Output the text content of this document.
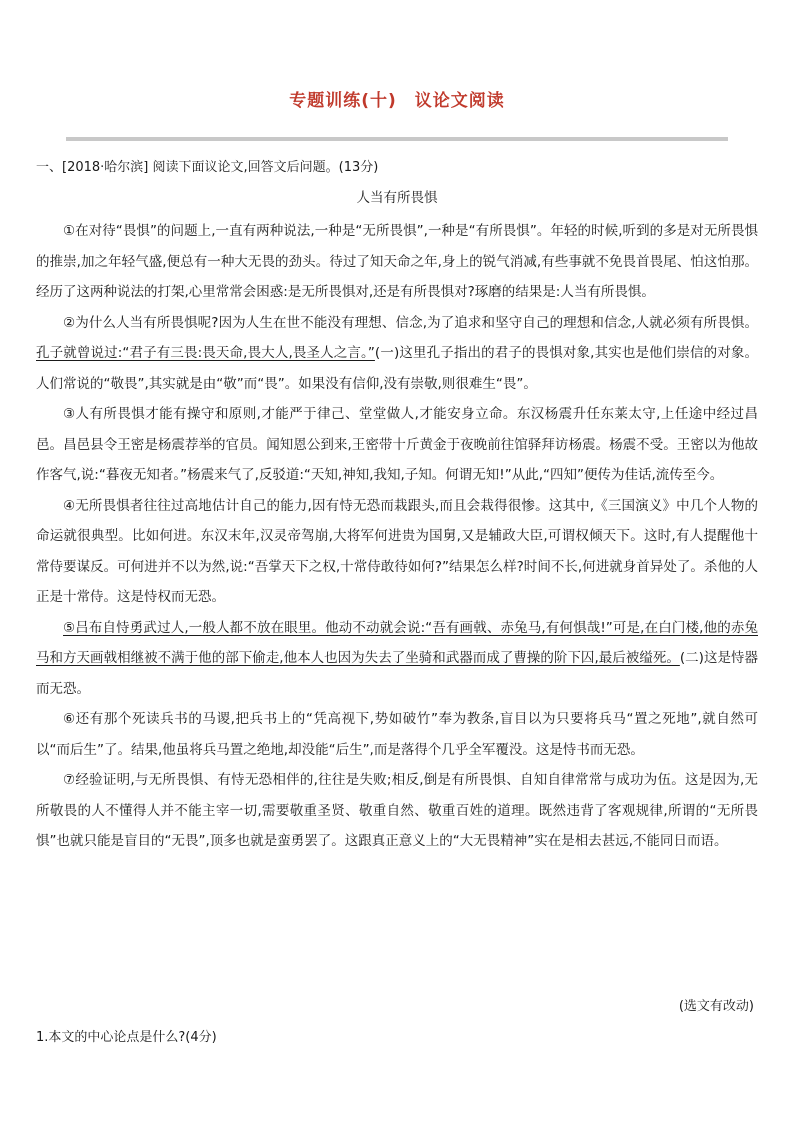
专题训练(十)　议论文阅读
一、[2018·哈尔滨] 阅读下面议论文,回答文后问题。(13分)
人当有所畏惧

①在对待“畏惧”的问题上,一直有两种说法,一种是“无所畏惧”,一种是“有所畏惧”。年轻的时候,听到的多是对无所畏惧的推崇,加之年轻气盛,便总有一种大无畏的劲头。待过了知天命之年,身上的锐气消减,有些事就不免畏首畏尾、怕这怕那。经历了这两种说法的打架,心里常常会困惑:是无所畏惧对,还是有所畏惧对?琢磨的结果是:人当有所畏惧。

②为什么人当有所畏惧呢?因为人生在世不能没有理想、信念,为了追求和坚守自己的理想和信念,人就必须有所畏惧。孔子就曾说过:“君子有三畏:畏天命,畏大人,畏圣人之言。”(一)这里孔子指出的君子的畏惧对象,其实也是他们崇信的对象。人们常说的“敬畏”,其实就是由“敬”而“畏”。如果没有信仰,没有崇敬,则很难生“畏”。

③人有所畏惧才能有操守和原则,才能严于律己、堂堂做人,才能安身立命。东汉杨震升任东莱太守,上任途中经过昌邑。昌邑县令王密是杨震荐举的官员。闻知恩公到来,王密带十斤黄金于夜晚前往馆驿拜访杨震。杨震不受。王密以为他故作客气,说:“暮夜无知者。”杨震来气了,反驳道:“天知,神知,我知,子知。何谓无知!”从此,“四知”便传为佳话,流传至今。

④无所畏惧者往往过高地估计自己的能力,因有恃无恐而栽跟头,而且会栽得很惨。这其中,《三国演义》中几个人物的命运就很典型。比如何进。东汉末年,汉灵帝驾崩,大将军何进贵为国舅,又是辅政大臣,可谓权倾天下。这时,有人提醒他十常侍要谋反。可何进并不以为然,说:“吾掌天下之权,十常侍敢待如何?”结果怎么样?时间不长,何进就身首异处了。杀他的人正是十常侍。这是恃权而无恐。

⑤吕布自恃勇武过人,一般人都不放在眼里。他动不动就会说:“吾有画戟、赤兔马,有何惧哉!”可是,在白门楼,他的赤兔马和方天画戟相继被不满于他的部下偷走,他本人也因为失去了坐骑和武器而成了曹操的阶下囚,最后被缢死。(二)这是恃器而无恐。

⑥还有那个死读兵书的马谡,把兵书上的“凭高视下,势如破竹”奉为教条,盲目以为只要将兵马“置之死地”,就自然可以“而后生”了。结果,他虽将兵马置之绝地,却没能“后生”,而是落得个几乎全军覆没。这是恃书而无恐。

⑦经验证明,与无所畏惧、有恃无恐相伴的,往往是失败;相反,倒是有所畏惧、自知自律常常与成功为伍。这是因为,无所敬畏的人不懂得人并不能主宰一切,需要敬重圣贤、敬重自然、敬重百姓的道理。既然违背了客观规律,所谓的“无所畏惧”也就只能是盲目的“无畏”,顶多也就是蛮勇罢了。这跟真正意义上的“大无畏精神”实在是相去甚远,不能同日而语。

(选文有改动)
1.本文的中心论点是什么?(4分)
